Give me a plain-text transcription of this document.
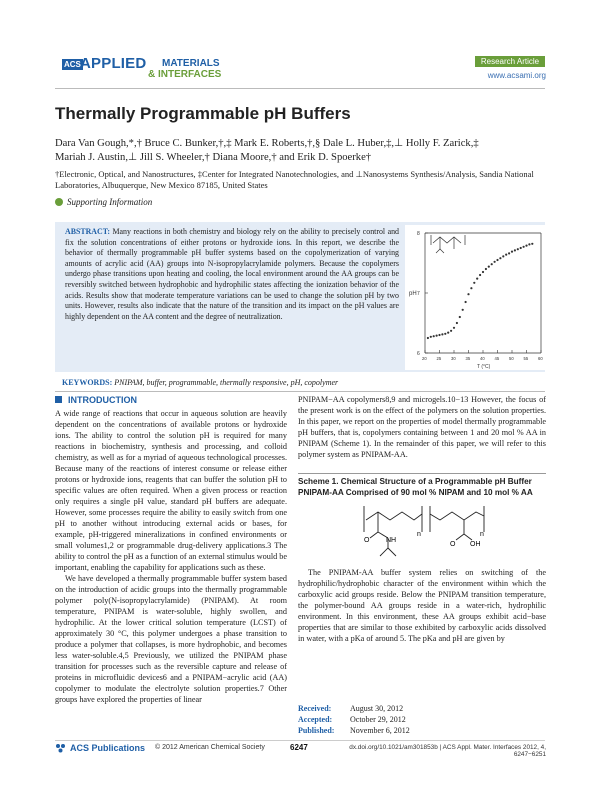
ACS APPLIED MATERIALS
& INTERFACES
Research Article
www.acsami.org
Thermally Programmable pH Buffers
Dara Van Gough,*,† Bruce C. Bunker,†,‡ Mark E. Roberts,†,§ Dale L. Huber,‡,⊥ Holly F. Zarick,‡
Mariah J. Austin,⊥ Jill S. Wheeler,† Diana Moore,† and Erik D. Spoerke†
†Electronic, Optical, and Nanostructures, ‡Center for Integrated Nanotechnologies, and ⊥Nanosystems Synthesis/Analysis, Sandia National Laboratories, Albuquerque, New Mexico 87185, United States
Supporting Information
ABSTRACT: Many reactions in both chemistry and biology rely on the ability to precisely control and fix the solution concentrations of either protons or hydroxide ions. In this report, we describe the behavior of thermally programmable pH buffer systems based on the copolymerization of varying amounts of acrylic acid (AA) groups into N-isopropylacrylamide polymers. Because the copolymers undergo phase transitions upon heating and cooling, the local environment around the AA groups can be reversibly switched between hydrophobic and hydrophilic states affecting the ionization behavior of the acids. Results show that moderate temperature variations can be used to change the solution pH by two units. However, results also indicate that the nature of the transition and its impact on the pH values are highly dependent on the AA content and the degree of neutralization.
8
7
6
20 25 30 35 40 45 50 55 60
pH
T (°C)
KEYWORDS: PNIPAM, buffer, programmable, thermally responsive, pH, copolymer
INTRODUCTION

A wide range of reactions that occur in aqueous solution are heavily dependent on the concentrations of available protons or hydroxide ions. The ability to control the solution pH is required for many reactions in biochemistry, synthesis and processing, and colloid chemistry, as well as for a myriad of aqueous technological processes. Because many of the reactions of interest consume or release either protons or hydroxide ions, reagents that can buffer the solution pH to specific values are often required. When a given process or reaction only requires a single pH value, standard pH buffers are adequate. However, some processes require the ability to easily switch from one pH to another without introducing external acids or bases, for example, pH-triggered mineralizations in confined environments or small volumes1,2 or programmable drug-delivery applications.3 The ability to control the pH as a function of an external stimulus would be important, enabling the capability for applications such as these.

We have developed a thermally programmable buffer system based on the introduction of acidic groups into the thermally programmable polymer poly(N-isopropylacrylamide) (PNIPAM). At room temperature, PNIPAM is water-soluble, highly swollen, and hydrophilic. At the lower critical solution temperature (LCST) of approximately 30 °C, this polymer undergoes a phase transition to produce a polymer that collapses, is more hydrophobic, and becomes less water-soluble.4,5 Previously, we utilized the PNIPAM phase transition for processes such as the reversible capture and release of proteins in microfluidic devices6 and a PNIPAM−acrylic acid (AA) copolymer to modulate the electrolyte solution properties.7 Other groups have explored the properties of linear

PNIPAM−AA copolymers8,9 and microgels.10−13 However, the focus of the present work is on the effect of the polymers on the solution properties. In this paper, we report on the properties of model thermally programmable pH buffers, that is, copolymers containing between 1 and 20 mol % AA in PNIPAM (Scheme 1). In the remainder of this paper, we will refer to this polymer system as PNIPAM-AA.

Scheme 1. Chemical Structure of a Programmable pH Buffer PNIPAM-AA Comprised of 90 mol % NIPAM and 10 mol % AA
n	n
O NH
O OH

The PNIPAM-AA buffer system relies on switching of the hydrophilic/hydrophobic character of the environment within which the carboxylic acid groups reside. Below the PNIPAM transition temperature, the polymer-bound AA groups reside in a water-rich, hydrophilic environment. In this environment, these AA groups exhibit acid−base properties that are similar to those exhibited by carboxylic acids dissolved in water, with a pKa of around 5. The pKa and pH are given by

Received: August 30, 2012
Accepted: October 29, 2012
Published: November 6, 2012
ACS Publications © 2012 American Chemical Society	6247	dx.doi.org/10.1021/am301853b | ACS Appl. Mater. Interfaces 2012, 4, 6247−6251
